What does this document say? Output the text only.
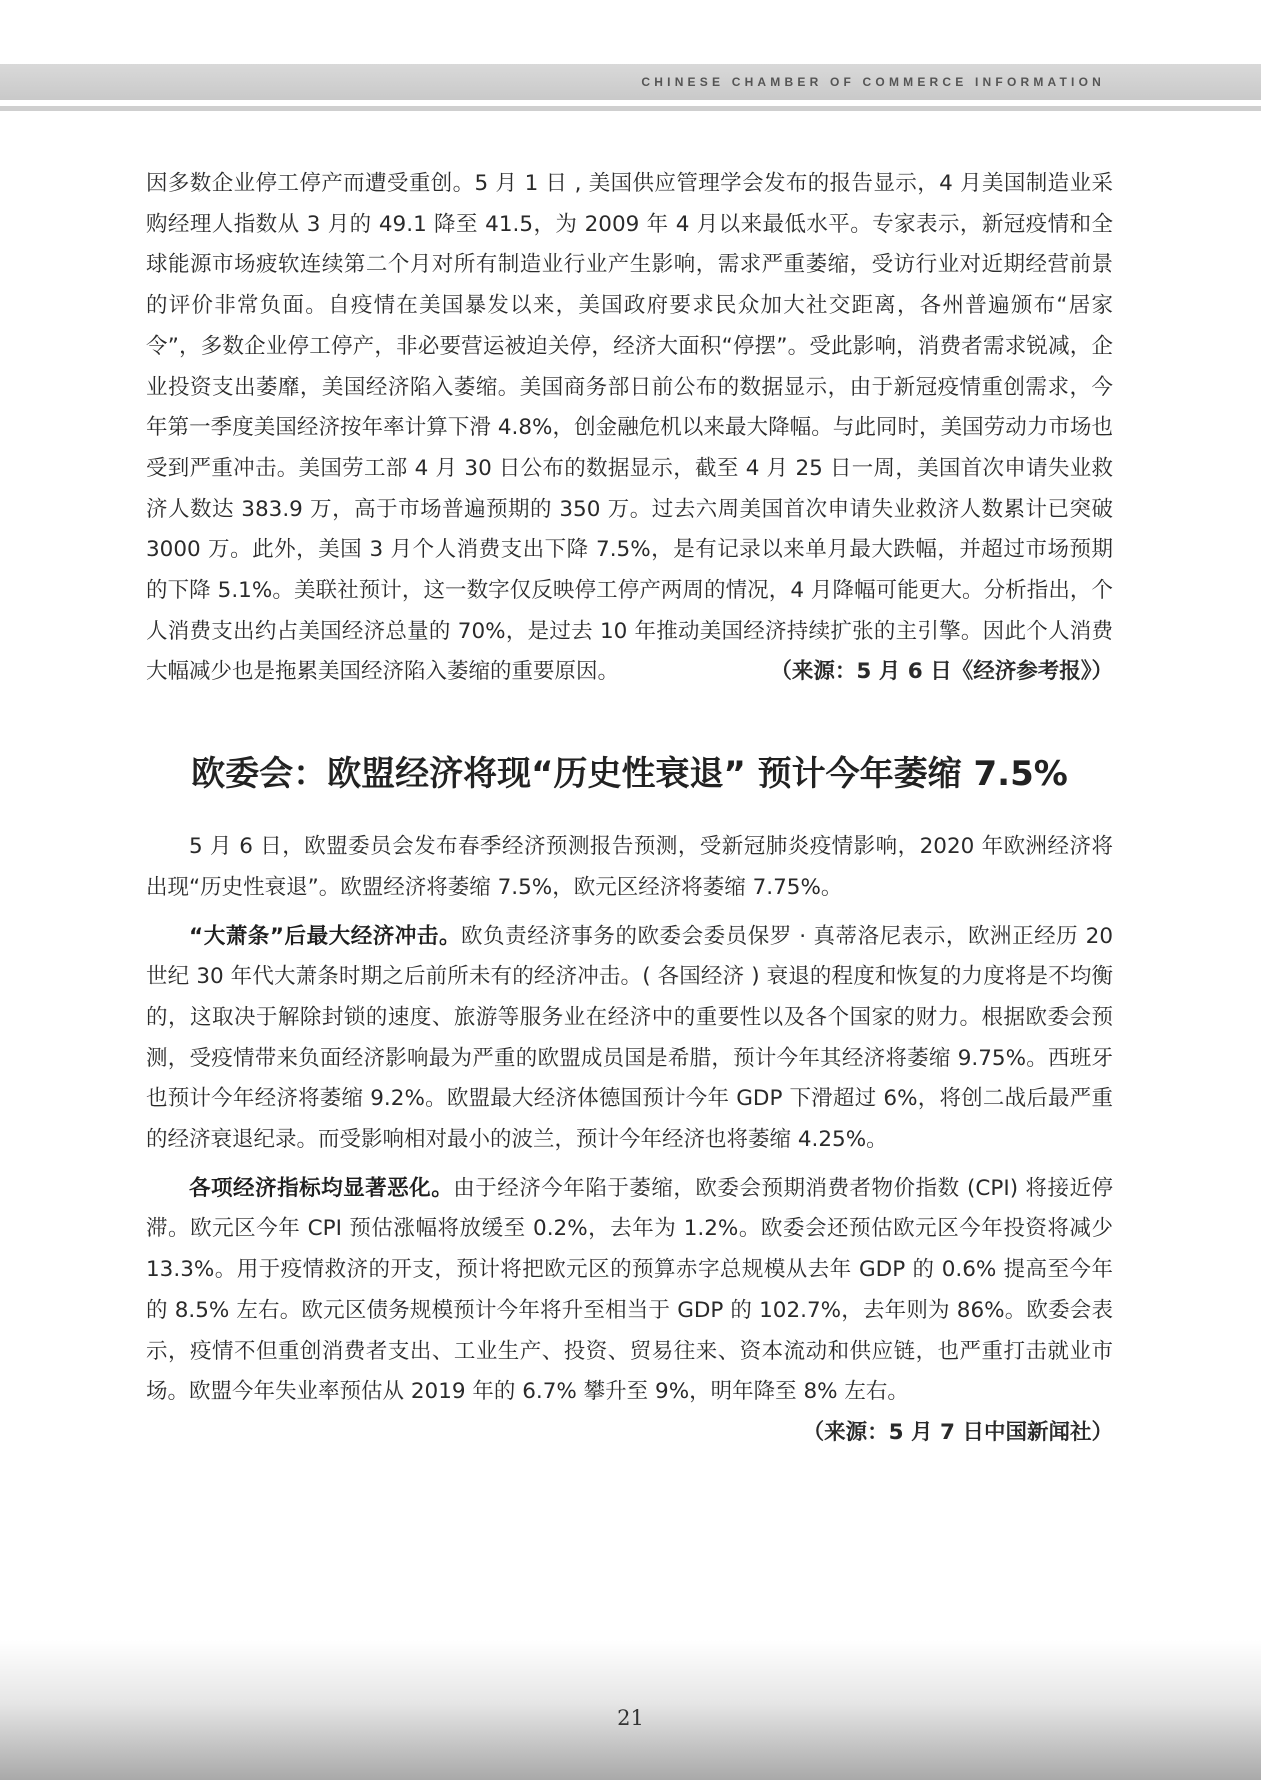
CHINESE CHAMBER OF COMMERCE INFORMATION

因多数企业停工停产而遭受重创。5 月 1 日 , 美国供应管理学会发布的报告显示，4 月美国制造业采购经理人指数从 3 月的 49.1 降至 41.5，为 2009 年 4 月以来最低水平。专家表示，新冠疫情和全球能源市场疲软连续第二个月对所有制造业行业产生影响，需求严重萎缩，受访行业对近期经营前景的评价非常负面。自疫情在美国暴发以来，美国政府要求民众加大社交距离，各州普遍颁布“居家令”，多数企业停工停产，非必要营运被迫关停，经济大面积“停摆”。受此影响，消费者需求锐减，企业投资支出萎靡，美国经济陷入萎缩。美国商务部日前公布的数据显示，由于新冠疫情重创需求，今年第一季度美国经济按年率计算下滑 4.8%，创金融危机以来最大降幅。与此同时，美国劳动力市场也受到严重冲击。美国劳工部 4 月 30 日公布的数据显示，截至 4 月 25 日一周，美国首次申请失业救济人数达 383.9 万，高于市场普遍预期的 350 万。过去六周美国首次申请失业救济人数累计已突破 3000 万。此外，美国 3 月个人消费支出下降 7.5%，是有记录以来单月最大跌幅，并超过市场预期的下降 5.1%。美联社预计，这一数字仅反映停工停产两周的情况，4 月降幅可能更大。分析指出，个人消费支出约占美国经济总量的 70%，是过去 10 年推动美国经济持续扩张的主引擎。因此个人消费大幅减少也是拖累美国经济陷入萎缩的重要原因。	（来源：5 月 6 日《经济参考报》）

欧委会：欧盟经济将现“历史性衰退” 预计今年萎缩 7.5%

5 月 6 日，欧盟委员会发布春季经济预测报告预测，受新冠肺炎疫情影响，2020 年欧洲经济将出现“历史性衰退”。欧盟经济将萎缩 7.5%，欧元区经济将萎缩 7.75%。

“大萧条”后最大经济冲击。欧负责经济事务的欧委会委员保罗 · 真蒂洛尼表示，欧洲正经历 20 世纪 30 年代大萧条时期之后前所未有的经济冲击。( 各国经济 ) 衰退的程度和恢复的力度将是不均衡的，这取决于解除封锁的速度、旅游等服务业在经济中的重要性以及各个国家的财力。根据欧委会预测，受疫情带来负面经济影响最为严重的欧盟成员国是希腊，预计今年其经济将萎缩 9.75%。西班牙也预计今年经济将萎缩 9.2%。欧盟最大经济体德国预计今年 GDP 下滑超过 6%，将创二战后最严重的经济衰退纪录。而受影响相对最小的波兰，预计今年经济也将萎缩 4.25%。

各项经济指标均显著恶化。由于经济今年陷于萎缩，欧委会预期消费者物价指数 (CPI) 将接近停滞。欧元区今年 CPI 预估涨幅将放缓至 0.2%，去年为 1.2%。欧委会还预估欧元区今年投资将减少 13.3%。用于疫情救济的开支，预计将把欧元区的预算赤字总规模从去年 GDP 的 0.6% 提高至今年的 8.5% 左右。欧元区债务规模预计今年将升至相当于 GDP 的 102.7%，去年则为 86%。欧委会表示，疫情不但重创消费者支出、工业生产、投资、贸易往来、资本流动和供应链，也严重打击就业市场。欧盟今年失业率预估从 2019 年的 6.7% 攀升至 9%，明年降至 8% 左右。
（来源：5 月 7 日中国新闻社）

21
